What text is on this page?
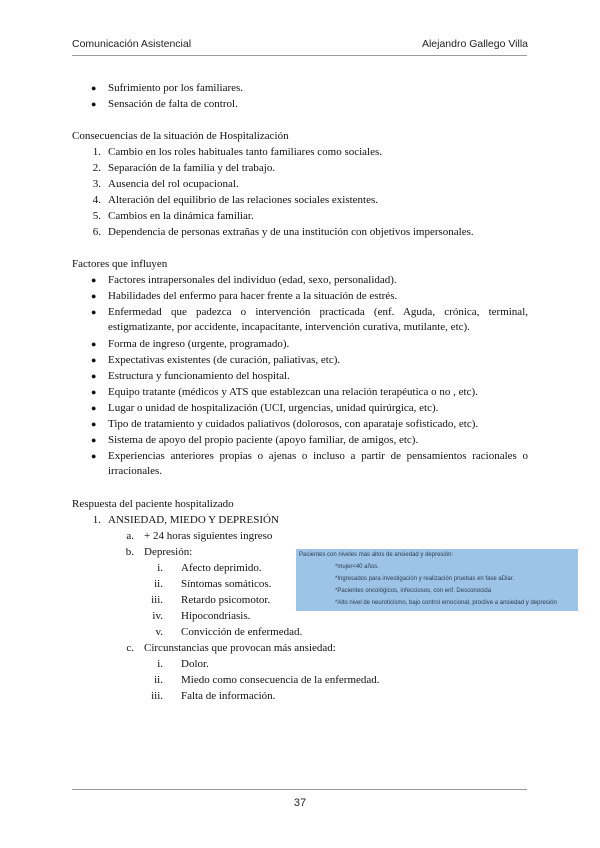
Comunicación Asistencial	Alejandro Gallego Villa
● Sufrimiento por los familiares.
● Sensación de falta de control.
Consecuencias de la situación de Hospitalización
1. Cambio en los roles habituales tanto familiares como sociales.
2. Separación de la familia y del trabajo.
3. Ausencia del rol ocupacional.
4. Alteración del equilibrio de las relaciones sociales existentes.
5. Cambios en la dinámica familiar.
6. Dependencia de personas extrañas y de una institución con objetivos impersonales.
Factores que influyen
● Factores intrapersonales del individuo (edad, sexo, personalidad).
● Habilidades del enfermo para hacer frente a la situación de estrés.
● Enfermedad que padezca o intervención practicada (enf. Aguda, crónica, terminal, estigmatizante, por accidente, incapacitante, intervención curativa, mutilante, etc).
● Forma de ingreso (urgente, programado).
● Expectativas existentes (de curación, paliativas, etc).
● Estructura y funcionamiento del hospital.
● Equipo tratante (médicos y ATS que establezcan una relación terapéutica o no , etc).
● Lugar o unidad de hospitalización (UCI, urgencias, unidad quirúrgica, etc).
● Tipo de tratamiento y cuidados paliativos (dolorosos, con aparataje sofisticado, etc).
● Sistema de apoyo del propio paciente (apoyo familiar, de amigos, etc).
● Experiencias anteriores propias o ajenas o incluso a partir de pensamientos racionales o irracionales.
Respuesta del paciente hospitalizado
1. ANSIEDAD, MIEDO Y DEPRESIÓN
a. + 24 horas siguientes ingreso
b. Depresión:
i. Afecto deprimido.
ii. Síntomas somáticos.
iii. Retardo psicomotor.
iv. Hipocondriasis.
v. Convicción de enfermedad.
c. Circunstancias que provocan más ansiedad:
i. Dolor.
ii. Miedo como consecuencia de la enfermedad.
iii. Falta de información.
Pacientes con niveles más altos de ansiedad y depresión:
*mujer<40 años.
*Ingresados para investigación y realización pruebas en fase aDiar.
*Pacientes oncológicos, infecciosos, con enf. Desconocida
*Alto nivel de neuroticismo, bajo control emocional, proclive a ansiedad y depresión
37
